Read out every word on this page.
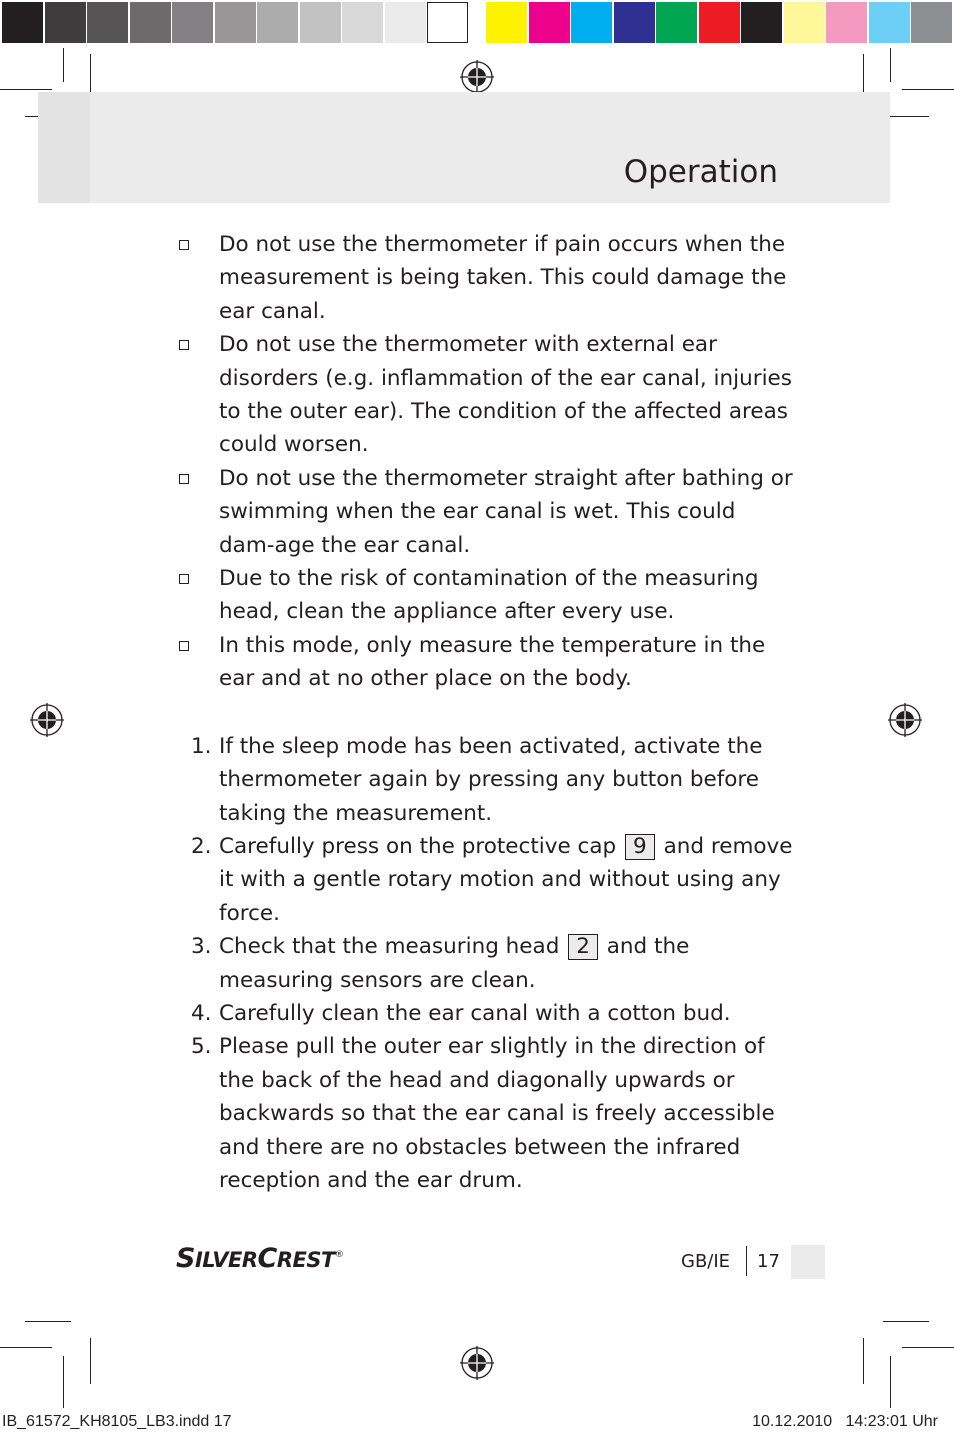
Operation
Do not use the thermometer if pain occurs when the measurement is being taken. This could damage the ear canal.
Do not use the thermometer with external ear disorders (e.g. inflammation of the ear canal, injuries to the outer ear). The condition of the affected areas could worsen.
Do not use the thermometer straight after bathing or swimming when the ear canal is wet. This could dam-age the ear canal.
Due to the risk of contamination of the measuring head, clean the appliance after every use.
In this mode, only measure the temperature in the ear and at no other place on the body.
1. If the sleep mode has been activated, activate the thermometer again by pressing any button before taking the measurement.
2. Carefully press on the protective cap 9 and remove it with a gentle rotary motion and without using any force.
3. Check that the measuring head 2 and the measuring sensors are clean.
4. Carefully clean the ear canal with a cotton bud.
5. Please pull the outer ear slightly in the direction of the back of the head and diagonally upwards or backwards so that the ear canal is freely accessible and there are no obstacles between the infrared reception and the ear drum.
SILVERCREST®	GB/IE 17
IB_61572_KH8105_LB3.indd 17	10.12.2010   14:23:01 Uhr
